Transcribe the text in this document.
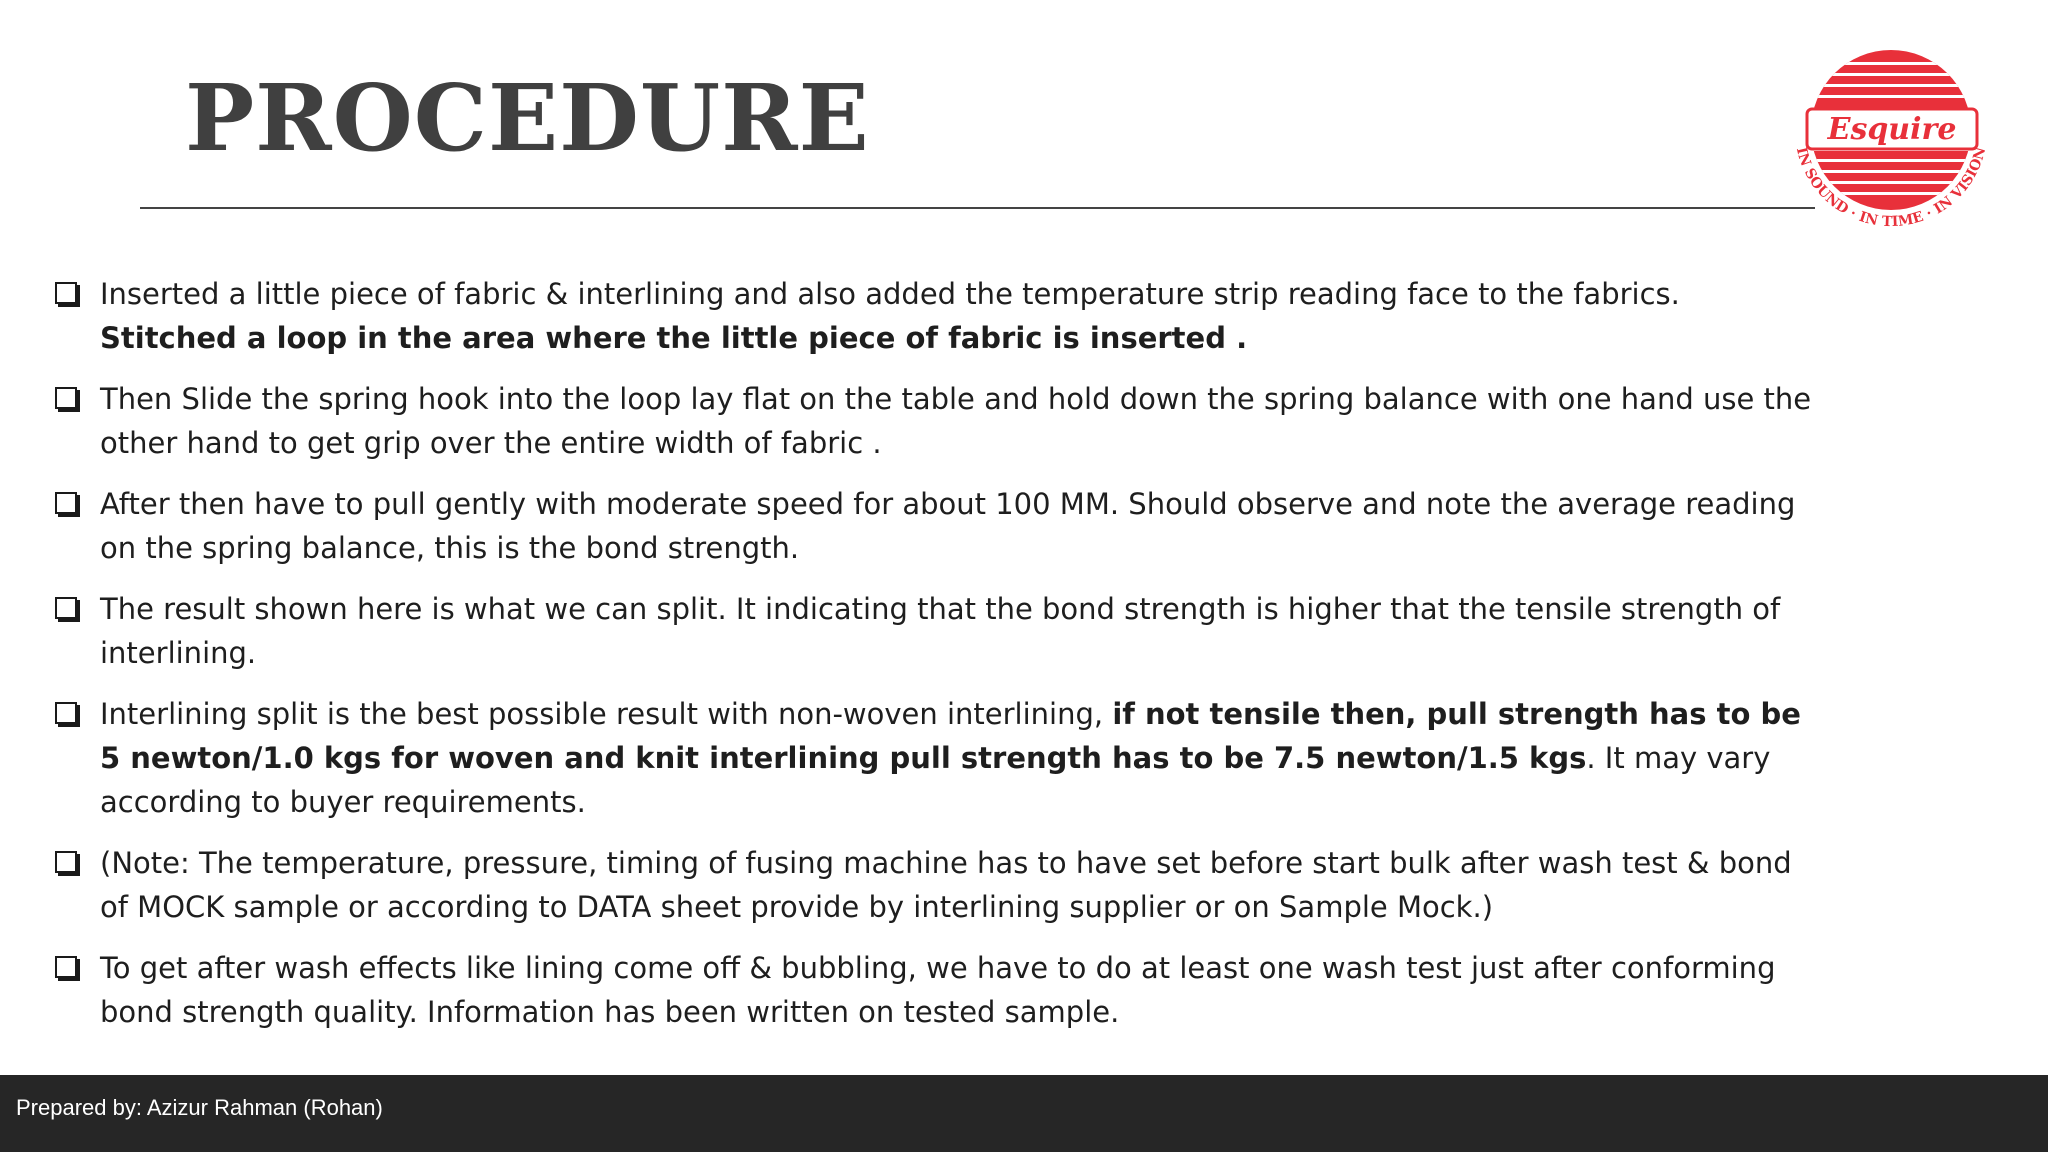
PROCEDURE	Esquire
IN SOUND · IN TIME · IN VISION
Inserted a little piece of fabric & interlining and also added the temperature strip reading face to the fabrics. Stitched a loop in the area where the little piece of fabric is inserted .
Then Slide the spring hook into the loop lay flat on the table and hold down the spring balance with one hand use the other hand to get grip over the entire width of fabric .
After then have to pull gently with moderate speed for about 100 MM. Should observe and note the average reading on the spring balance, this is the bond strength.
The result shown here is what we can split. It indicating that the bond strength is higher that the tensile strength of interlining.
Interlining split is the best possible result with non-woven interlining, if not tensile then, pull strength has to be 5 newton/1.0 kgs for woven and knit interlining pull strength has to be 7.5 newton/1.5 kgs. It may vary according to buyer requirements.
(Note: The temperature, pressure, timing of fusing machine has to have set before start bulk after wash test & bond of MOCK sample or according to DATA sheet provide by interlining supplier or on Sample Mock.)
To get after wash effects like lining come off & bubbling, we have to do at least one wash test just after conforming bond strength quality. Information has been written on tested sample.
Prepared by: Azizur Rahman (Rohan)
